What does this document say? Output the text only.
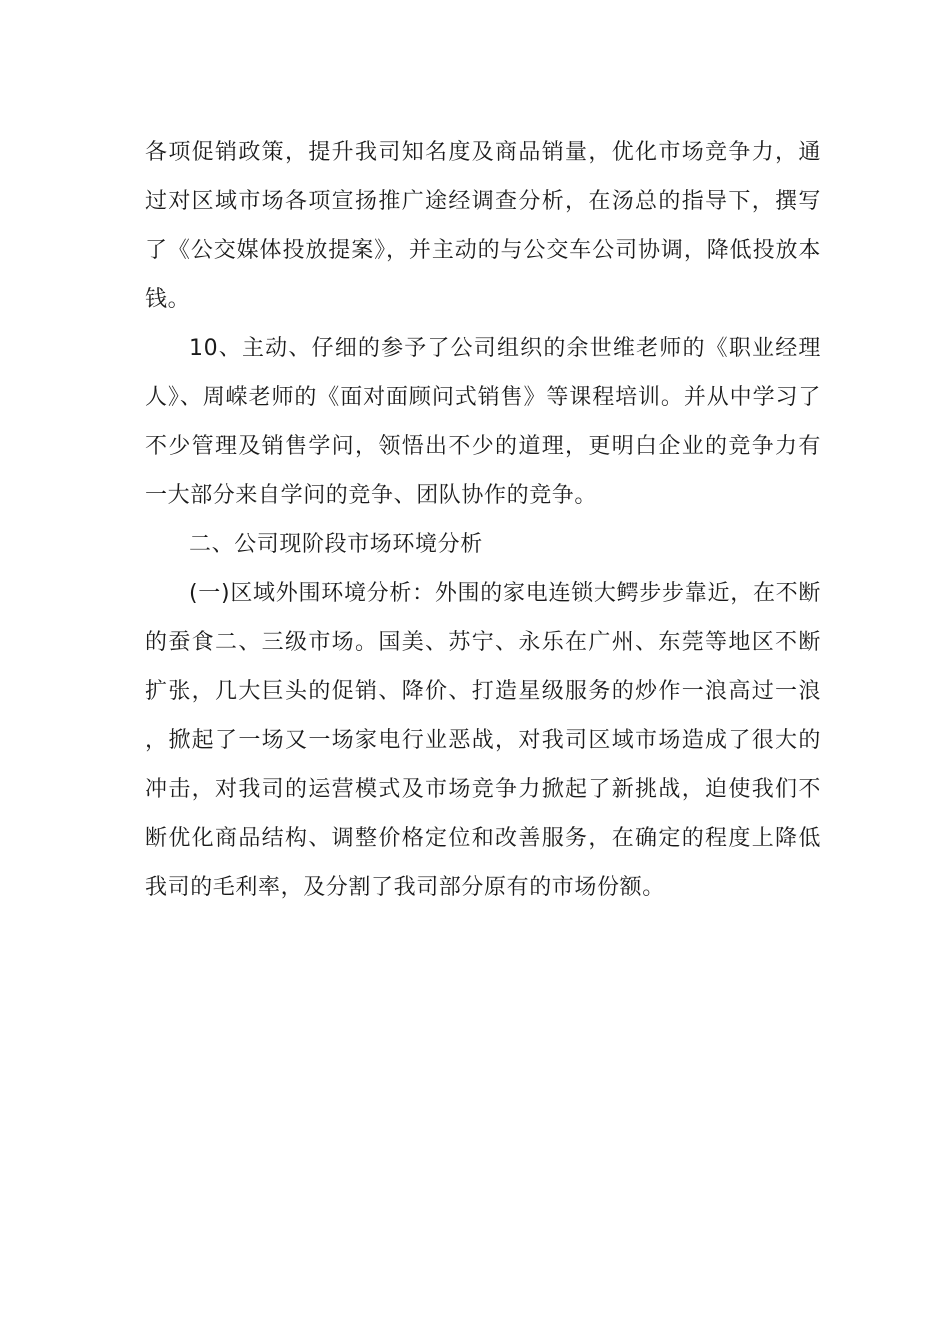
各项促销政策，提升我司知名度及商品销量，优化市场竞争力，通过对区域市场各项宣扬推广途经调查分析，在汤总的指导下，撰写了《公交媒体投放提案》，并主动的与公交车公司协调，降低投放本钱。

10、主动、仔细的参予了公司组织的余世维老师的《职业经理人》、周嵘老师的《面对面顾问式销售》等课程培训。并从中学习了不少管理及销售学问，领悟出不少的道理，更明白企业的竞争力有一大部分来自学问的竞争、团队协作的竞争。

二、公司现阶段市场环境分析

(一)区域外围环境分析：外围的家电连锁大鳄步步靠近，在不断的蚕食二、三级市场。国美、苏宁、永乐在广州、东莞等地区不断扩张，几大巨头的促销、降价、打造星级服务的炒作一浪高过一浪，掀起了一场又一场家电行业恶战，对我司区域市场造成了很大的冲击，对我司的运营模式及市场竞争力掀起了新挑战，迫使我们不断优化商品结构、调整价格定位和改善服务，在确定的程度上降低我司的毛利率，及分割了我司部分原有的市场份额。
